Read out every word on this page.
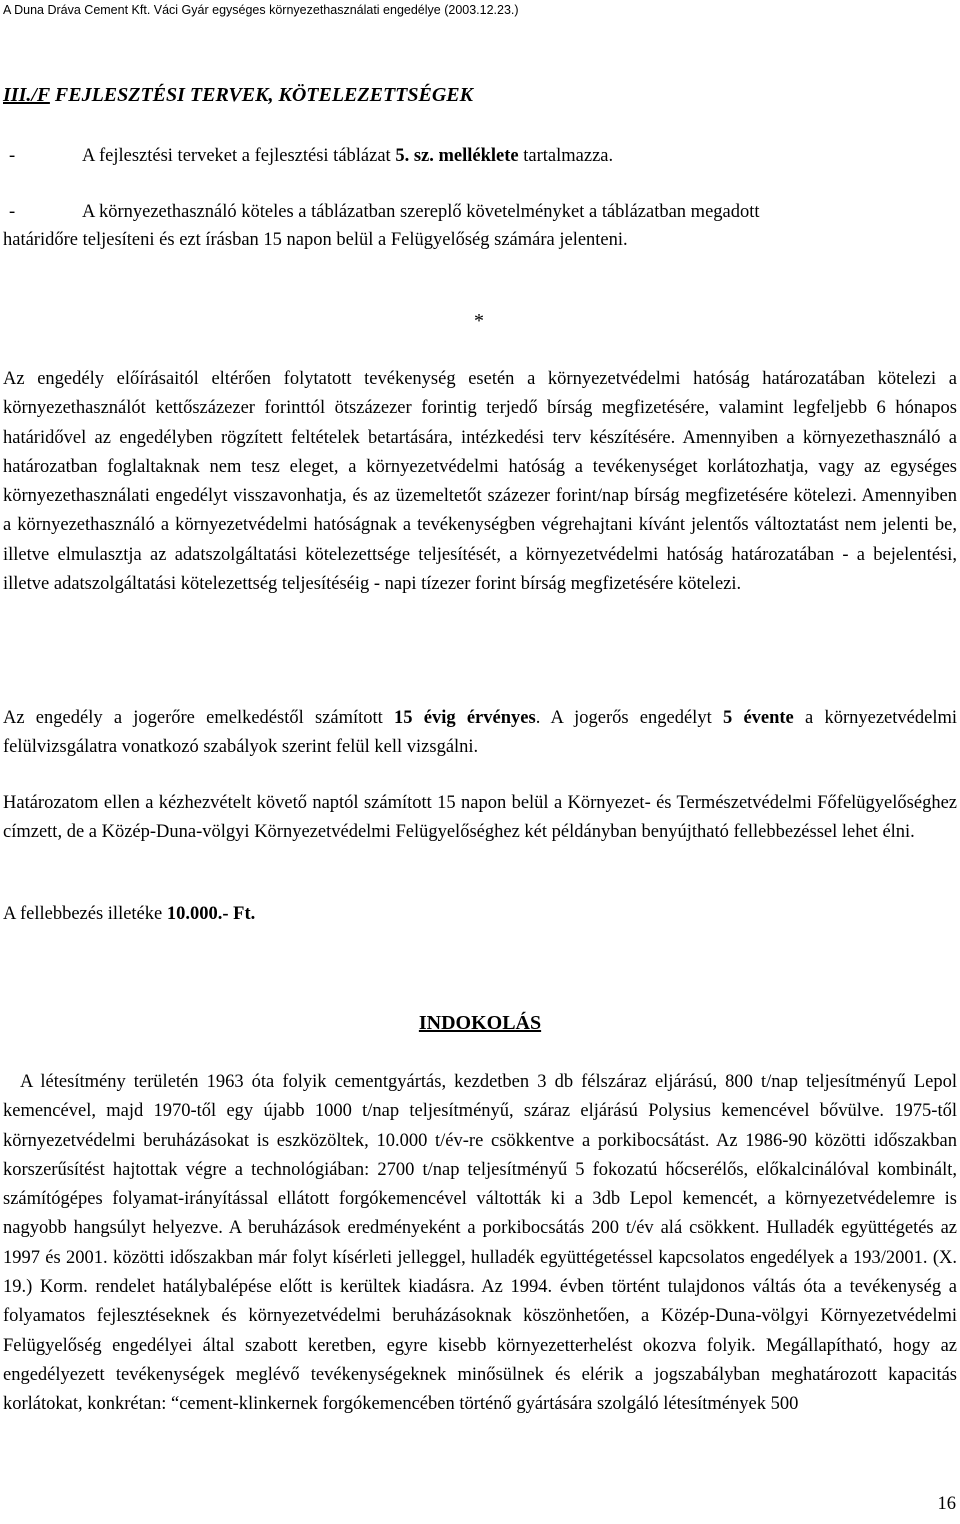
A Duna Dráva Cement Kft. Váci Gyár egységes környezethasználati engedélye (2003.12.23.)
III./F FEJLESZTÉSI TERVEK, KÖTELEZETTSÉGEK
-	A fejlesztési terveket a fejlesztési táblázat 5. sz. melléklete tartalmazza.
-	A környezethasználó köteles a táblázatban szereplő követelményket a táblázatban megadott
határidőre teljesíteni és ezt írásban 15 napon belül a Felügyelőség számára jelenteni.
*
Az engedély előírásaitól eltérően folytatott tevékenység esetén a környezetvédelmi hatóság határozatában kötelezi a környezethasználót kettőszázezer forinttól ötszázezer forintig terjedő bírság megfizetésére, valamint legfeljebb 6 hónapos határidővel az engedélyben rögzített feltételek betartására, intézkedési terv készítésére. Amennyiben a környezethasználó a határozatban foglaltaknak nem tesz eleget, a környezetvédelmi hatóság a tevékenységet korlátozhatja, vagy az egységes környezethasználati engedélyt visszavonhatja, és az üzemeltetőt százezer forint/nap bírság megfizetésére kötelezi. Amennyiben a környezethasználó a környezetvédelmi hatóságnak a tevékenységben végrehajtani kívánt jelentős változtatást nem jelenti be, illetve elmulasztja az adatszolgáltatási kötelezettsége teljesítését, a környezetvédelmi hatóság határozatában - a bejelentési, illetve adatszolgáltatási kötelezettség teljesítéséig - napi tízezer forint bírság megfizetésére kötelezi.
Az engedély a jogerőre emelkedéstől számított 15 évig érvényes. A jogerős engedélyt 5 évente a környezetvédelmi felülvizsgálatra vonatkozó szabályok szerint felül kell vizsgálni.
Határozatom ellen a kézhezvételt követő naptól számított 15 napon belül a Környezet- és Természetvédelmi Főfelügyelőséghez címzett, de a Közép-Duna-völgyi Környezetvédelmi Felügyelőséghez két példányban benyújtható fellebbezéssel lehet élni.
A fellebbezés illetéke 10.000.- Ft.
INDOKOLÁS
A létesítmény területén 1963 óta folyik cementgyártás, kezdetben 3 db félszáraz eljárású, 800 t/nap teljesítményű Lepol kemencével, majd 1970-től egy újabb 1000 t/nap teljesítményű, száraz eljárású Polysius kemencével bővülve. 1975-től környezetvédelmi beruházásokat is eszközöltek, 10.000 t/év-re csökkentve a porkibocsátást. Az 1986-90 közötti időszakban korszerűsítést hajtottak végre a technológiában: 2700 t/nap teljesítményű 5 fokozatú hőcserélős, előkalcinálóval kombinált, számítógépes folyamat-irányítással ellátott forgókemencével váltották ki a 3db Lepol kemencét, a környezetvédelemre is nagyobb hangsúlyt helyezve. A beruházások eredményeként a porkibocsátás 200 t/év alá csökkent. Hulladék együttégetés az 1997 és 2001. közötti időszakban már folyt kísérleti jelleggel, hulladék együttégetéssel kapcsolatos engedélyek a 193/2001. (X. 19.) Korm. rendelet hatálybalépése előtt is kerültek kiadásra. Az 1994. évben történt tulajdonos váltás óta a tevékenység a folyamatos fejlesztéseknek és környezetvédelmi beruházásoknak köszönhetően, a Közép-Duna-völgyi Környezetvédelmi Felügyelőség engedélyei által szabott keretben, egyre kisebb környezetterhelést okozva folyik. Megállapítható, hogy az engedélyezett tevékenységek meglévő tevékenységeknek minősülnek és elérik a jogszabályban meghatározott kapacitás korlátokat, konkrétan: “cement-klinkernek forgókemencében történő gyártására szolgáló létesítmények 500
16
